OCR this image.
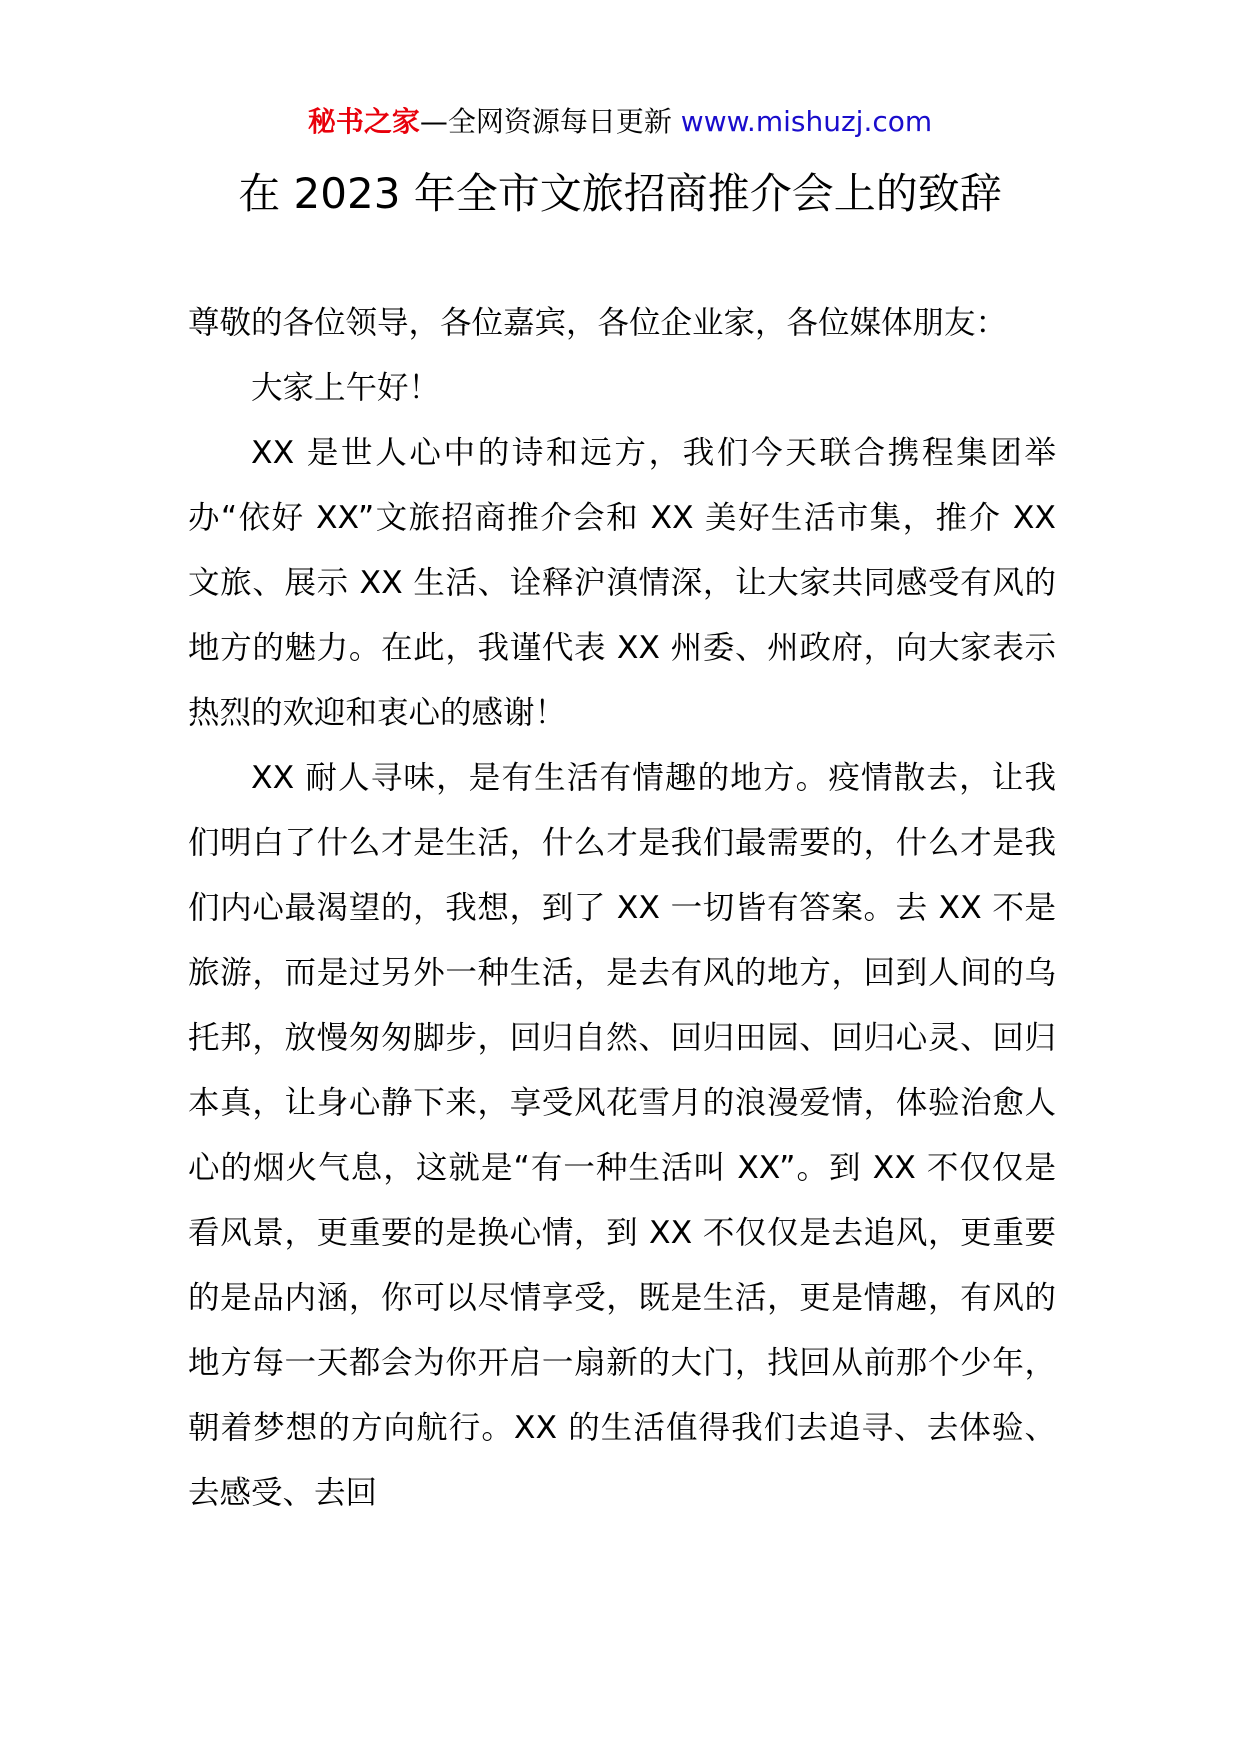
秘书之家—全网资源每日更新 www.mishuzj.com
在 2023 年全市文旅招商推介会上的致辞

尊敬的各位领导，各位嘉宾，各位企业家，各位媒体朋友：

大家上午好！

XX 是世人心中的诗和远方，我们今天联合携程集团举办“依好 XX”文旅招商推介会和 XX 美好生活市集，推介 XX 文旅、展示 XX 生活、诠释沪滇情深，让大家共同感受有风的地方的魅力。在此，我谨代表 XX 州委、州政府，向大家表示热烈的欢迎和衷心的感谢！

XX 耐人寻味，是有生活有情趣的地方。疫情散去，让我们明白了什么才是生活，什么才是我们最需要的，什么才是我们内心最渴望的，我想，到了 XX 一切皆有答案。去 XX 不是旅游，而是过另外一种生活，是去有风的地方，回到人间的乌托邦，放慢匆匆脚步，回归自然、回归田园、回归心灵、回归本真，让身心静下来，享受风花雪月的浪漫爱情，体验治愈人心的烟火气息，这就是“有一种生活叫 XX”。到 XX 不仅仅是看风景，更重要的是换心情，到 XX 不仅仅是去追风，更重要的是品内涵，你可以尽情享受，既是生活，更是情趣，有风的地方每一天都会为你开启一扇新的大门，找回从前那个少年，朝着梦想的方向航行。XX 的生活值得我们去追寻、去体验、去感受、去回
